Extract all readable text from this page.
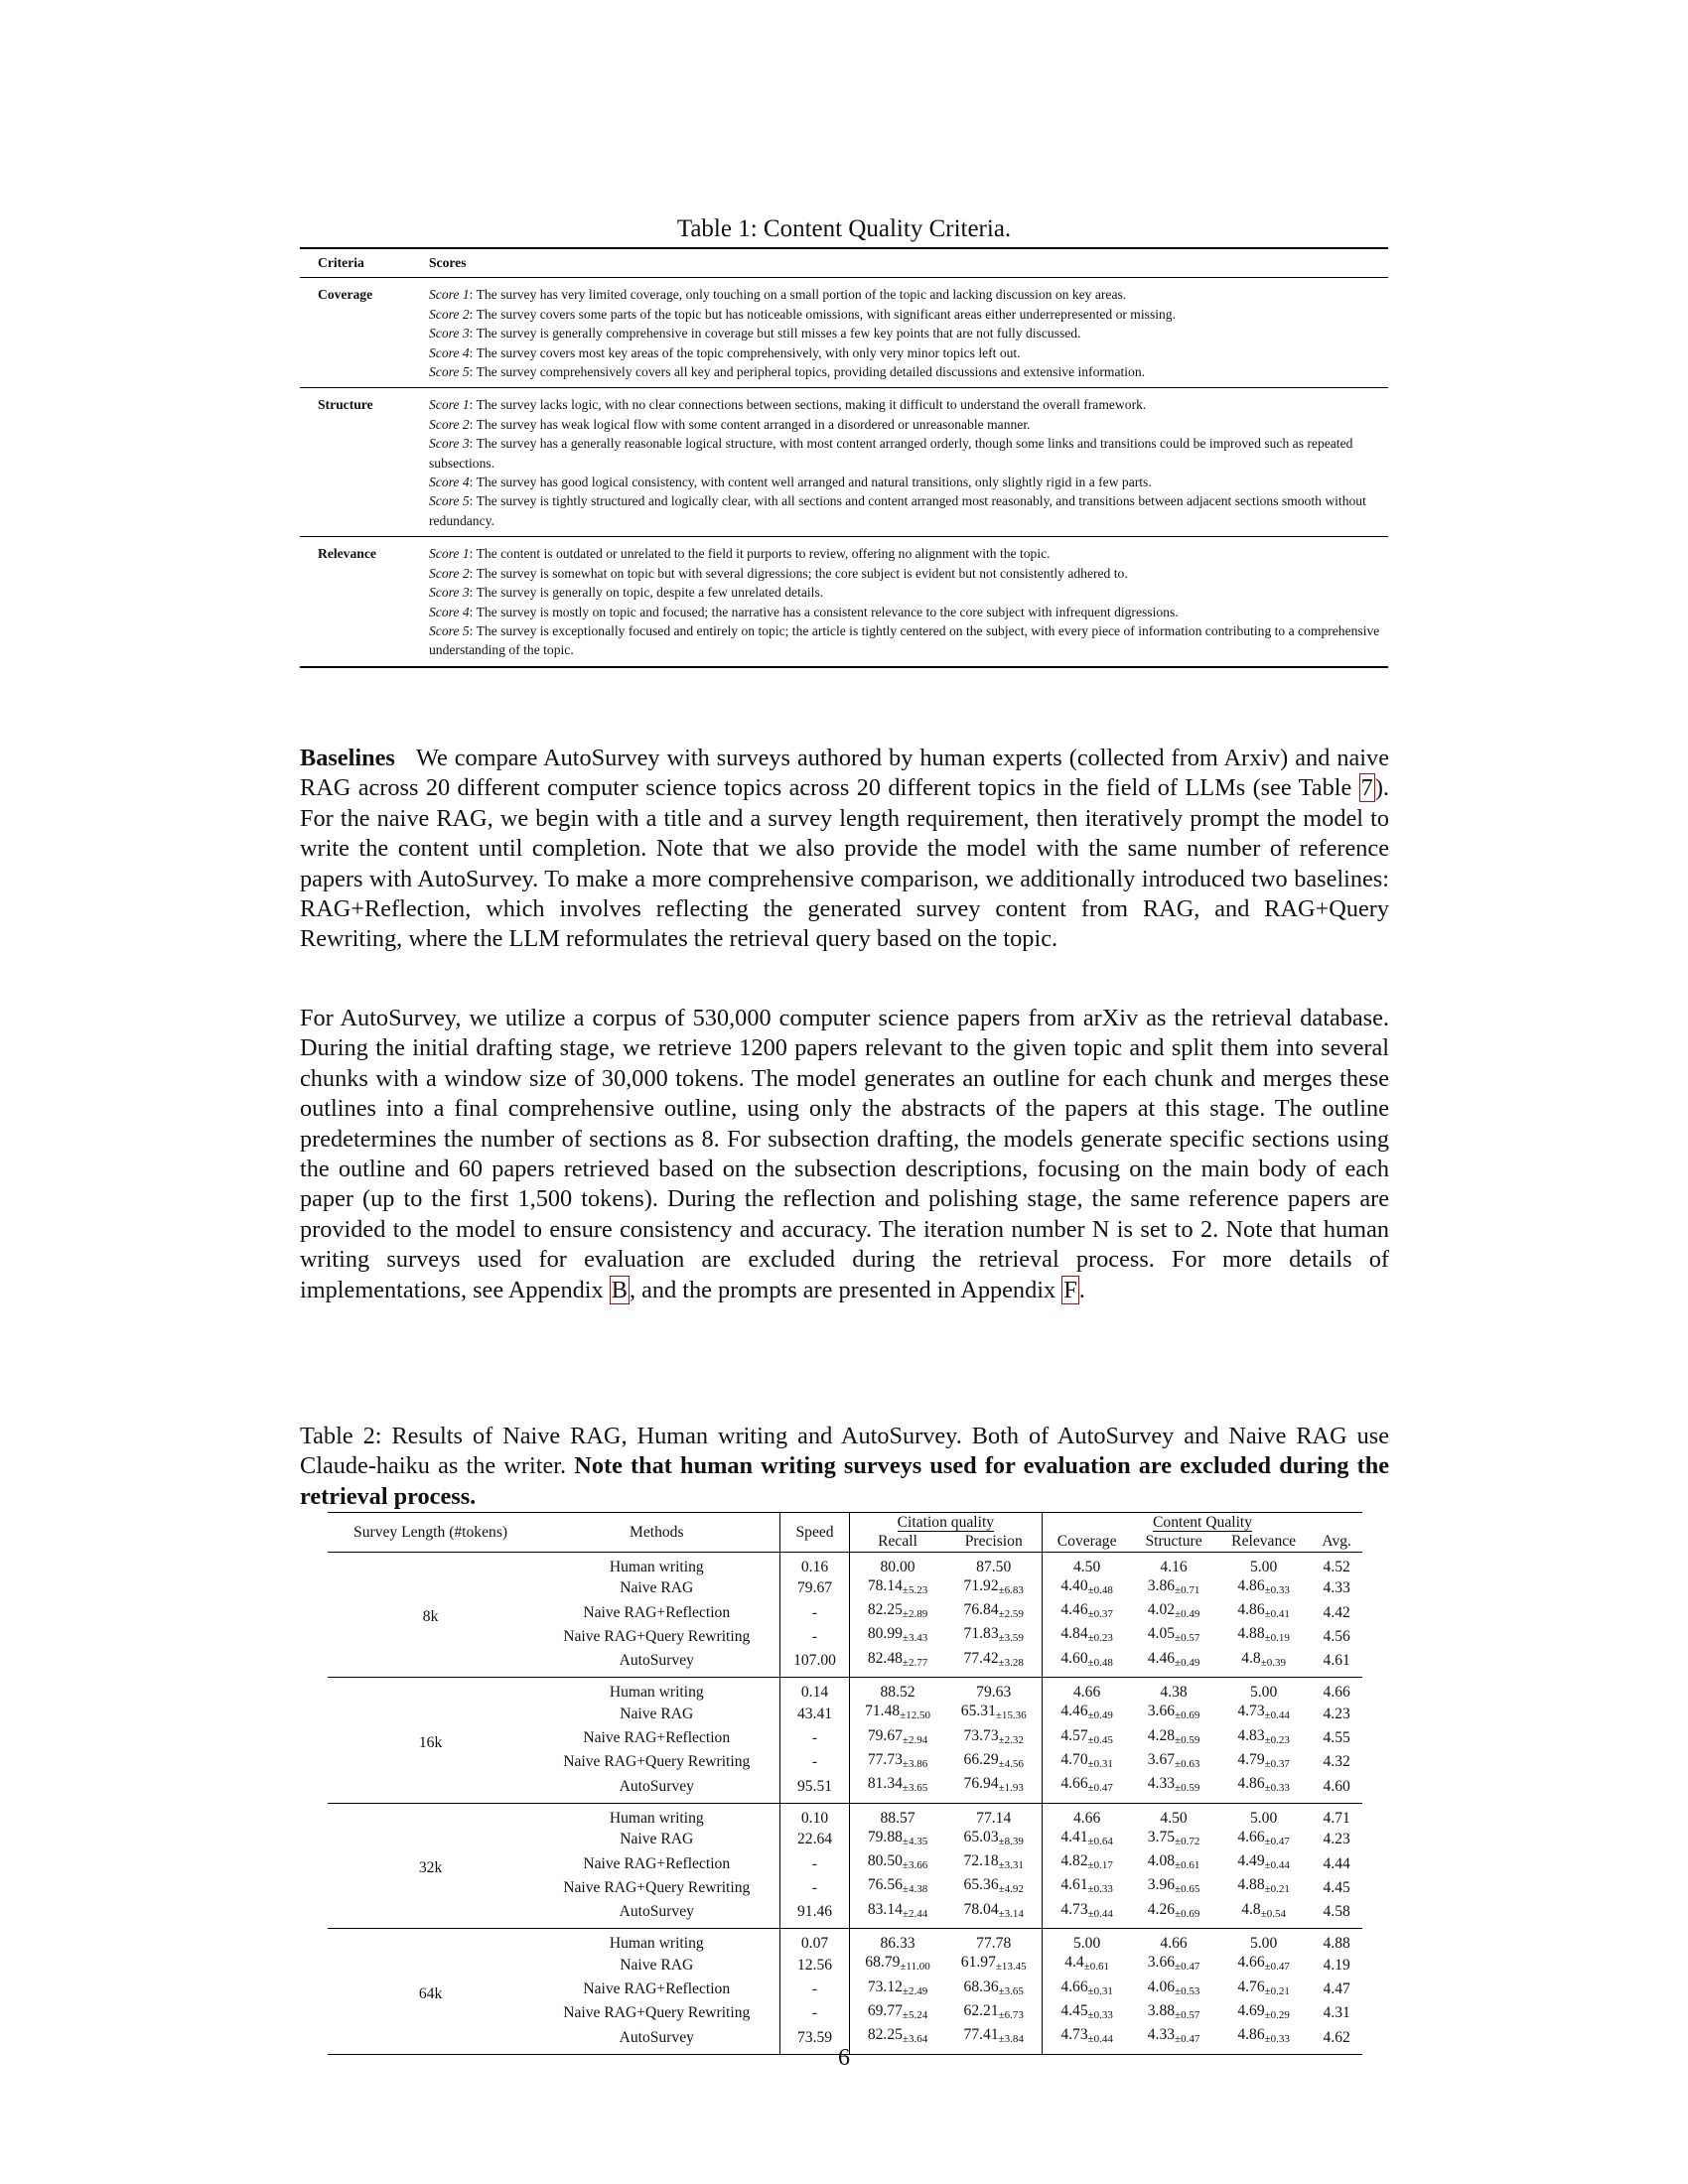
Table 1: Content Quality Criteria.
Criteria	Scores
Coverage	Score 1: The survey has very limited coverage, only touching on a small portion of the topic and lacking discussion on key areas.
Score 2: The survey covers some parts of the topic but has noticeable omissions, with significant areas either underrepresented or missing.
Score 3: The survey is generally comprehensive in coverage but still misses a few key points that are not fully discussed.
Score 4: The survey covers most key areas of the topic comprehensively, with only very minor topics left out.
Score 5: The survey comprehensively covers all key and peripheral topics, providing detailed discussions and extensive information.

Structure	Score 1: The survey lacks logic, with no clear connections between sections, making it difficult to understand the overall framework.
Score 2: The survey has weak logical flow with some content arranged in a disordered or unreasonable manner.
Score 3: The survey has a generally reasonable logical structure, with most content arranged orderly, though some links and transitions could be improved such as repeated subsections.
Score 4: The survey has good logical consistency, with content well arranged and natural transitions, only slightly rigid in a few parts.
Score 5: The survey is tightly structured and logically clear, with all sections and content arranged most reasonably, and transitions between adjacent sections smooth without redundancy.

Relevance	Score 1: The content is outdated or unrelated to the field it purports to review, offering no alignment with the topic.
Score 2: The survey is somewhat on topic but with several digressions; the core subject is evident but not consistently adhered to.
Score 3: The survey is generally on topic, despite a few unrelated details.
Score 4: The survey is mostly on topic and focused; the narrative has a consistent relevance to the core subject with infrequent digressions.
Score 5: The survey is exceptionally focused and entirely on topic; the article is tightly centered on the subject, with every piece of information contributing to a comprehensive understanding of the topic.

Baselines We compare AutoSurvey with surveys authored by human experts (collected from Arxiv) and naive RAG across 20 different computer science topics across 20 different topics in the field of LLMs (see Table 7). For the naive RAG, we begin with a title and a survey length requirement, then iteratively prompt the model to write the content until completion. Note that we also provide the model with the same number of reference papers with AutoSurvey. To make a more comprehensive comparison, we additionally introduced two baselines: RAG+Reflection, which involves reflecting the generated survey content from RAG, and RAG+Query Rewriting, where the LLM reformulates the retrieval query based on the topic.

For AutoSurvey, we utilize a corpus of 530,000 computer science papers from arXiv as the retrieval database. During the initial drafting stage, we retrieve 1200 papers relevant to the given topic and split them into several chunks with a window size of 30,000 tokens. The model generates an outline for each chunk and merges these outlines into a final comprehensive outline, using only the abstracts of the papers at this stage. The outline predetermines the number of sections as 8. For subsection drafting, the models generate specific sections using the outline and 60 papers retrieved based on the subsection descriptions, focusing on the main body of each paper (up to the first 1,500 tokens). During the reflection and polishing stage, the same reference papers are provided to the model to ensure consistency and accuracy. The iteration number N is set to 2. Note that human writing surveys used for evaluation are excluded during the retrieval process. For more details of implementations, see Appendix B, and the prompts are presented in Appendix F.

Table 2: Results of Naive RAG, Human writing and AutoSurvey. Both of AutoSurvey and Naive RAG use Claude-haiku as the writer. Note that human writing surveys used for evaluation are excluded during the retrieval process.

Survey Length (#tokens)	Methods	Speed	Citation quality		Content Quality			
			Recall	Precision	Coverage	Structure	Relevance	Avg.
8k	Human writing	0.16	80.00	87.50	4.50	4.16	5.00	4.52
	Naive RAG	79.67	$78.14_{\pm 5.23}$	$71.92_{\pm 6.83}$	$4.40_{\pm 0.48}$	$3.86_{\pm 0.71}$	$4.86_{\pm 0.33}$	4.33
	Naive RAG+Reflection	-	$82.25_{\pm 2.89}$	$76.84_{\pm 2.59}$	$4.46_{\pm 0.37}$	$4.02_{\pm 0.49}$	$4.86_{\pm 0.41}$	4.42
	Naive RAG+Query Rewriting	-	$80.99_{\pm 3.43}$	$71.83_{\pm 3.59}$	$4.84_{\pm 0.23}$	$4.05_{\pm 0.57}$	$4.88_{\pm 0.19}$	4.56
	AutoSurvey	107.00	$82.48_{\pm 2.77}$	$77.42_{\pm 3.28}$	$4.60_{\pm 0.48}$	$4.46_{\pm 0.49}$	$4.8_{\pm 0.39}$	4.61
16k	Human writing	0.14	88.52	79.63	4.66	4.38	5.00	4.66
	Naive RAG	43.41	$71.48_{\pm 12.50}$	$65.31_{\pm 15.36}$	$4.46_{\pm 0.49}$	$3.66_{\pm 0.69}$	$4.73_{\pm 0.44}$	4.23
	Naive RAG+Reflection	-	$79.67_{\pm 2.94}$	$73.73_{\pm 2.32}$	$4.57_{\pm 0.45}$	$4.28_{\pm 0.59}$	$4.83_{\pm 0.23}$	4.55
	Naive RAG+Query Rewriting	-	$77.73_{\pm 3.86}$	$66.29_{\pm 4.56}$	$4.70_{\pm 0.31}$	$3.67_{\pm 0.63}$	$4.79_{\pm 0.37}$	4.32
	AutoSurvey	95.51	$81.34_{\pm 3.65}$	$76.94_{\pm 1.93}$	$4.66_{\pm 0.47}$	$4.33_{\pm 0.59}$	$4.86_{\pm 0.33}$	4.60
32k	Human writing	0.10	88.57	77.14	4.66	4.50	5.00	4.71
	Naive RAG	22.64	$79.88_{\pm 4.35}$	$65.03_{\pm 8.39}$	$4.41_{\pm 0.64}$	$3.75_{\pm 0.72}$	$4.66_{\pm 0.47}$	4.23
	Naive RAG+Reflection	-	$80.50_{\pm 3.66}$	$72.18_{\pm 3.31}$	$4.82_{\pm 0.17}$	$4.08_{\pm 0.61}$	$4.49_{\pm 0.44}$	4.44
	Naive RAG+Query Rewriting	-	$76.56_{\pm 4.38}$	$65.36_{\pm 4.92}$	$4.61_{\pm 0.33}$	$3.96_{\pm 0.65}$	$4.88_{\pm 0.21}$	4.45
	AutoSurvey	91.46	$83.14_{\pm 2.44}$	$78.04_{\pm 3.14}$	$4.73_{\pm 0.44}$	$4.26_{\pm 0.69}$	$4.8_{\pm 0.54}$	4.58
64k	Human writing	0.07	86.33	77.78	5.00	4.66	5.00	4.88
	Naive RAG	12.56	$68.79_{\pm 11.00}$	$61.97_{\pm 13.45}$	$4.4_{\pm 0.61}$	$3.66_{\pm 0.47}$	$4.66_{\pm 0.47}$	4.19
	Naive RAG+Reflection	-	$73.12_{\pm 2.49}$	$68.36_{\pm 3.65}$	$4.66_{\pm 0.31}$	$4.06_{\pm 0.53}$	$4.76_{\pm 0.21}$	4.47
	Naive RAG+Query Rewriting	-	$69.77_{\pm 5.24}$	$62.21_{\pm 6.73}$	$4.45_{\pm 0.33}$	$3.88_{\pm 0.57}$	$4.69_{\pm 0.29}$	4.31
	AutoSurvey	73.59	$82.25_{\pm 3.64}$	$77.41_{\pm 3.84}$	$4.73_{\pm 0.44}$	$4.33_{\pm 0.47}$	$4.86_{\pm 0.33}$	4.62
6
